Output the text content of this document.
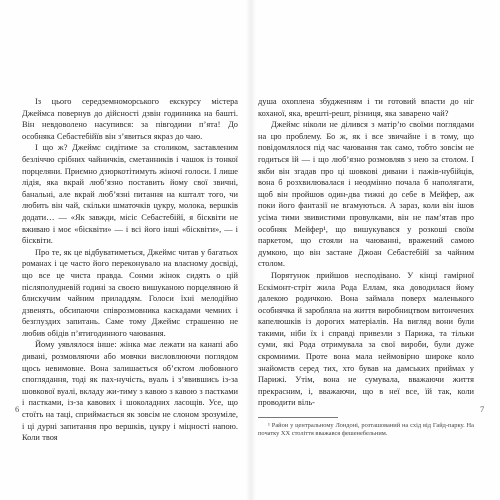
Із цього середземноморського екскурсу містера Джеймса повернув до дійсності дзвін годинника на башті. Він невдоволено насупився: за півгодини п’ята! До особняка Себастебійїв він з’явиться якраз до чаю.

І що ж? Джеймс сидітиме за столиком, заставленим безліччю срібних чайничків, сметанників і чашок із тонкої порцеляни. Приємно дзюркотітимуть жіночі голоси. І лише лідія, яка вкрай люб’язно поставить йому свої звичні, банальні, але вкрай люб’язні питання на кшталт того, чи любить він чай, скільки шматочків цукру, молока, вершків додати… — «Як завжди, місіс Себастебійї, я бісквіти не вживаю і моє «бісквіти» — і всі його інші «бісквіти», — і бісквіти.

Про те, як це відбуватиметься, Джеймс читав у багатьох романах і це часто його переконувало на власному досвіді, що все це чиста правда. Сонми жінок сидять о цій післяполудневій годині за своєю вишуканою порцеляною й блискучим чайним приладдям. Голоси їхні мелодійно дзвенять, обсипаючи співрозмовника каскадами чемних і безглуздих запитань. Саме тому Джеймс страшенно не любив обідів п’ятигодинного чаювання.

Йому уявлялося інше: жінка має лежати на канапі або дивані, розмовляючи або мовчки висловлюючи поглядом щось невимовне. Вона залишається об’єктом любовного споглядання, тоді як пах-нучість, вуаль і з’явившись із-за шовкової вуалі, вкладу жи-тиму з кавою з кавою з пастками і пастками, із-за кавових і шоколадних ласощів. Усе, що стоїть на таці, сприймається як зовсім не слоном зрозуміле, і ці дурні запитання про вершків, цукру і міцності напою. Коли твоя

душа охоплена збудженням і ти готовий впасти до ніг коханої, яка, врешті-решт, різниця, яка заварено чай?

Джеймс ніколи не ділився з матір’ю своїми поглядами на цю проблему. Бо ж, як і все звичайне і в тому, що повідомлялося під час чаювання так само, тобто зовсім не годиться їй — і що люб’язно розмовляв з нею за столом. І якби він згадав про ці шовкові дивани і пажів-нубійців, вона б розхвилювалася і неодмінно почала б наполягати, щоб він пройшов один-два тижні до себе в Мейфер, аж поки його фантазії не вгамуються. А зараз, коли він ішов усіма тими звивистими провулками, він не пам’ятав про особняк Мейфер¹, що вишукувався у розкоші своїм паркетом, що стояли на чаюванні, вражений самою думкою, що він застане Джоан Себастебійї за чайним столом.

Порятунок прийшов несподівано. У кінці гамірної Ескімонт-стріт жила Рода Еллам, яка доводилася йому далекою родичкою. Вона займала поверх маленького особнячка й заробляла на життя виробництвом витончених капелюшків із дорогих матеріалів. На вигляд вони були такими, ніби їх і справді привезли з Парижа, та тільки суми, які Рода отримувала за свої вироби, були дуже скромними. Проте вона мала неймовірно широке коло знайомств серед тих, хто бував на дамських приймах у Парижі. Утім, вона не сумувала, вважаючи життя прекрасним, і, вважаючи, що в неї все, їй так, коли проводити віль-

¹ Район у центральному Лондоні, розташований на схід від Гайд-парку. На початку XX століття вважався фешенебельним.

6	7
